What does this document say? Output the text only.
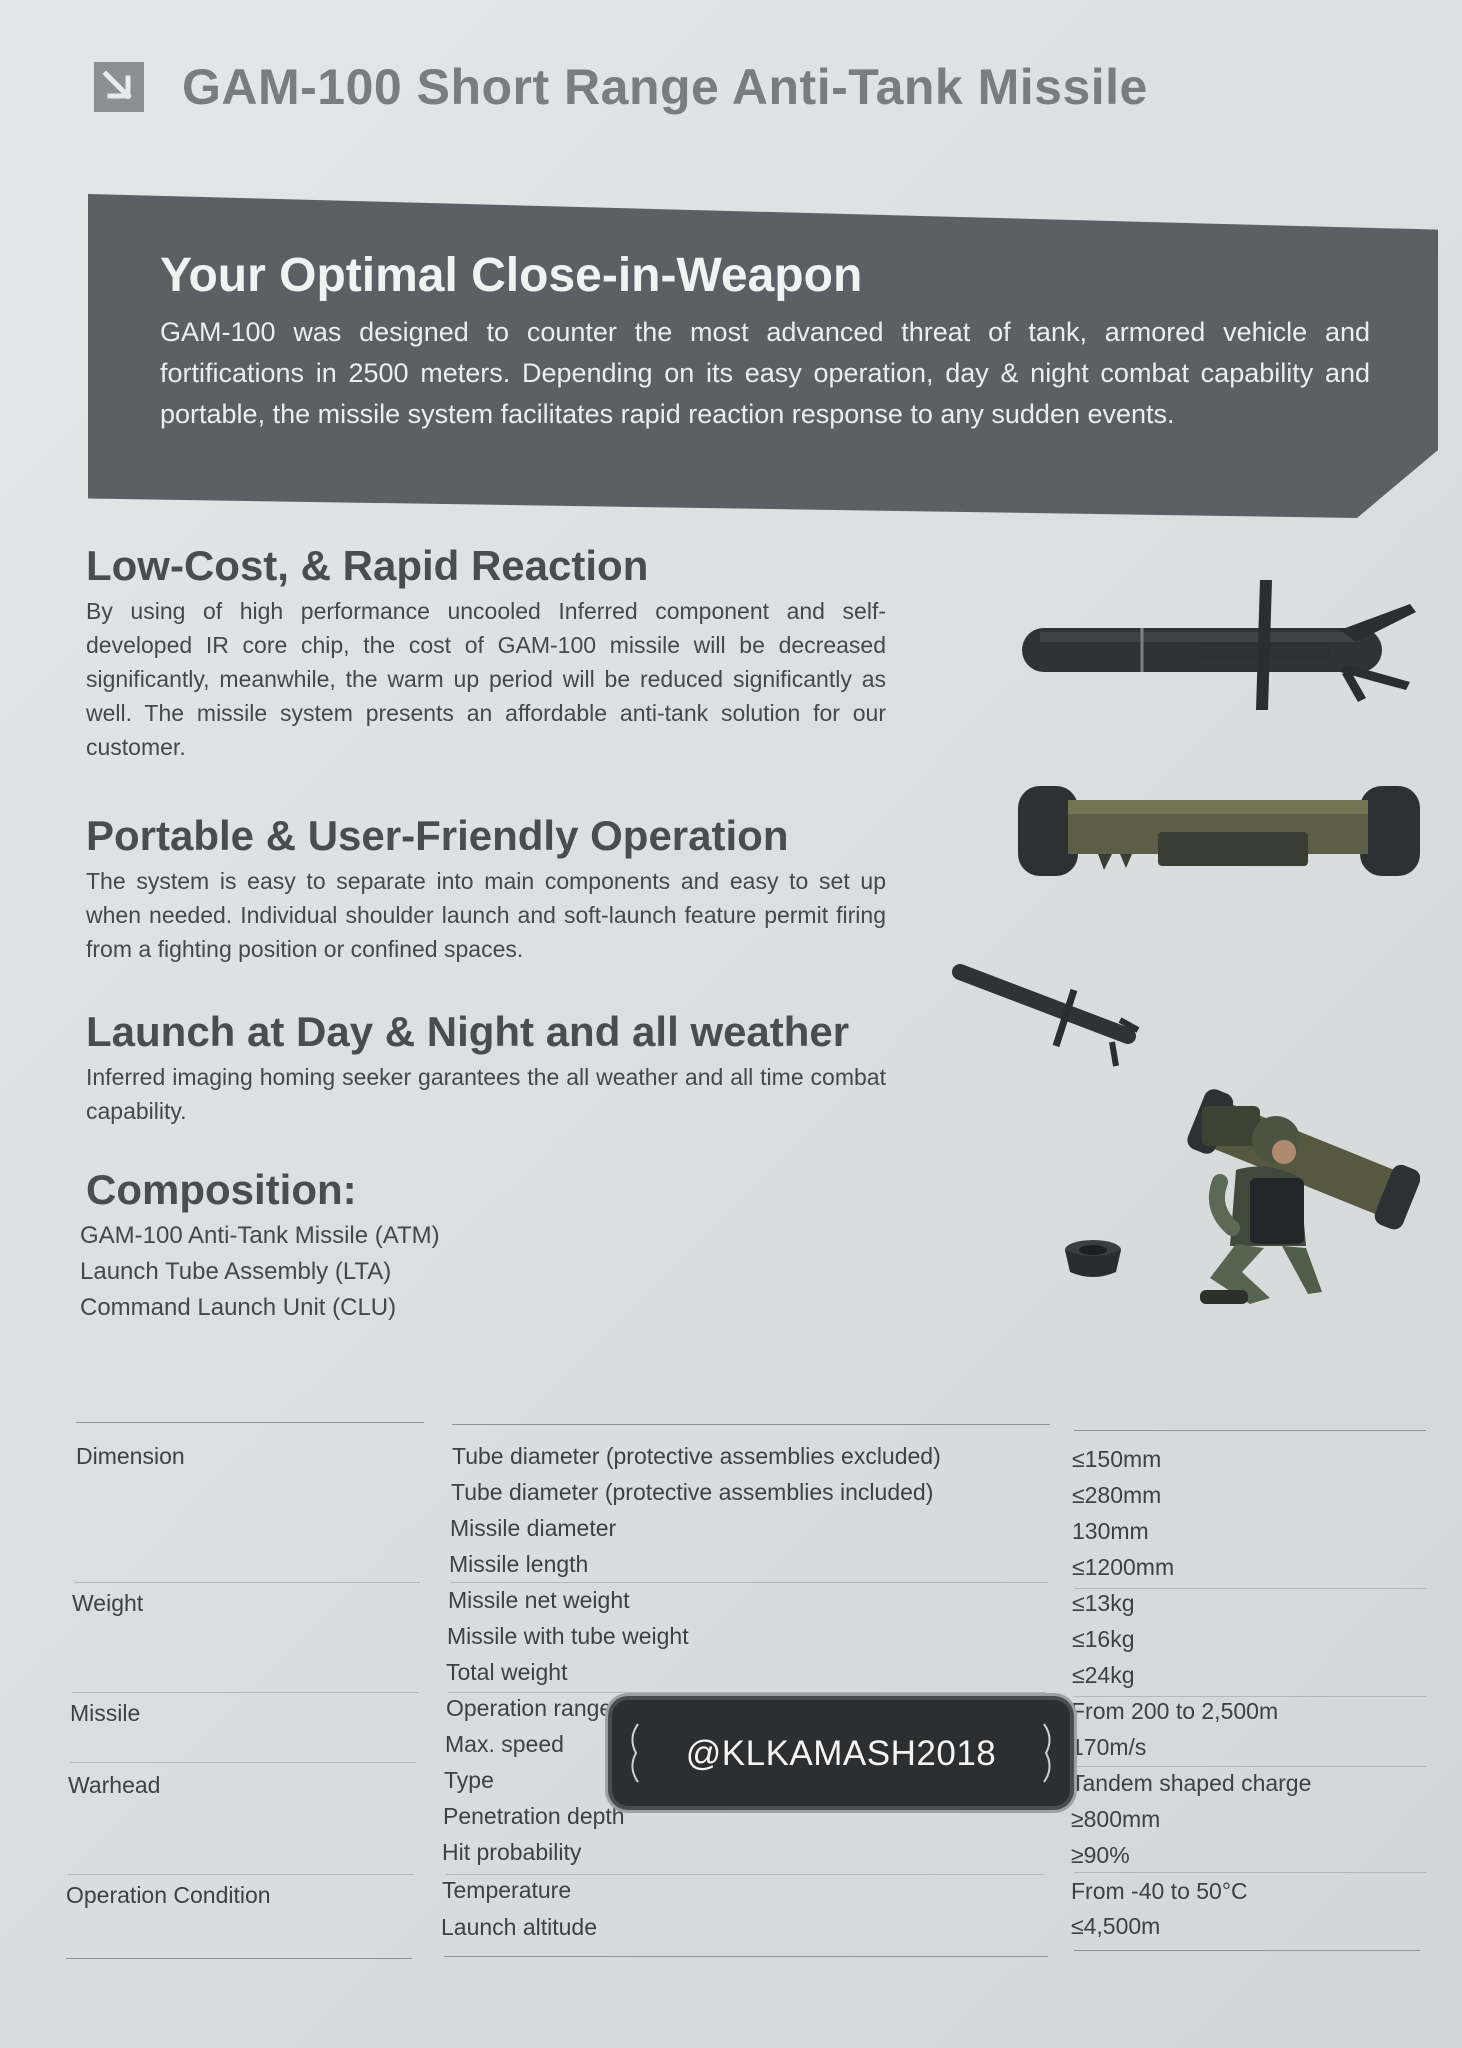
GAM-100 Short Range Anti-Tank Missile
Your Optimal Close-in-Weapon

GAM-100 was designed to counter the most advanced threat of tank, armored vehicle and fortifications in 2500 meters. Depending on its easy operation, day & night combat capability and portable, the missile system facilitates rapid reaction response to any sudden events.

Low-Cost, & Rapid Reaction

By using of high performance uncooled Inferred component and self-developed IR core chip, the cost of GAM-100 missile will be decreased significantly, meanwhile, the warm up period will be reduced significantly as well. The missile system presents an affordable anti-tank solution for our customer.

Portable & User-Friendly Operation

The system is easy to separate into main components and easy to set up when needed. Individual shoulder launch and soft-launch feature permit firing from a fighting position or confined spaces.

Launch at Day & Night and all weather

Inferred imaging homing seeker garantees the all weather and all time combat capability.

Composition:
GAM-100 Anti-Tank Missile (ATM)
Launch Tube Assembly (LTA)
Command Launch Unit (CLU)
Dimension
Weight
Missile
Warhead
Operation Condition
Tube diameter (protective assemblies excluded)
Tube diameter (protective assemblies included)
Missile diameter
Missile length
Missile net weight
Missile with tube weight
Total weight
Operation range
Max. speed
Type
Penetration depth
Hit probability
Temperature
Launch altitude
≤150mm
≤280mm
130mm
≤1200mm
≤13kg
≤16kg
≤24kg
From 200 to 2,500m
170m/s
Tandem shaped charge
≥800mm
≥90%
From -40 to 50°C
≤4,500m
@KLKAMASH2018
